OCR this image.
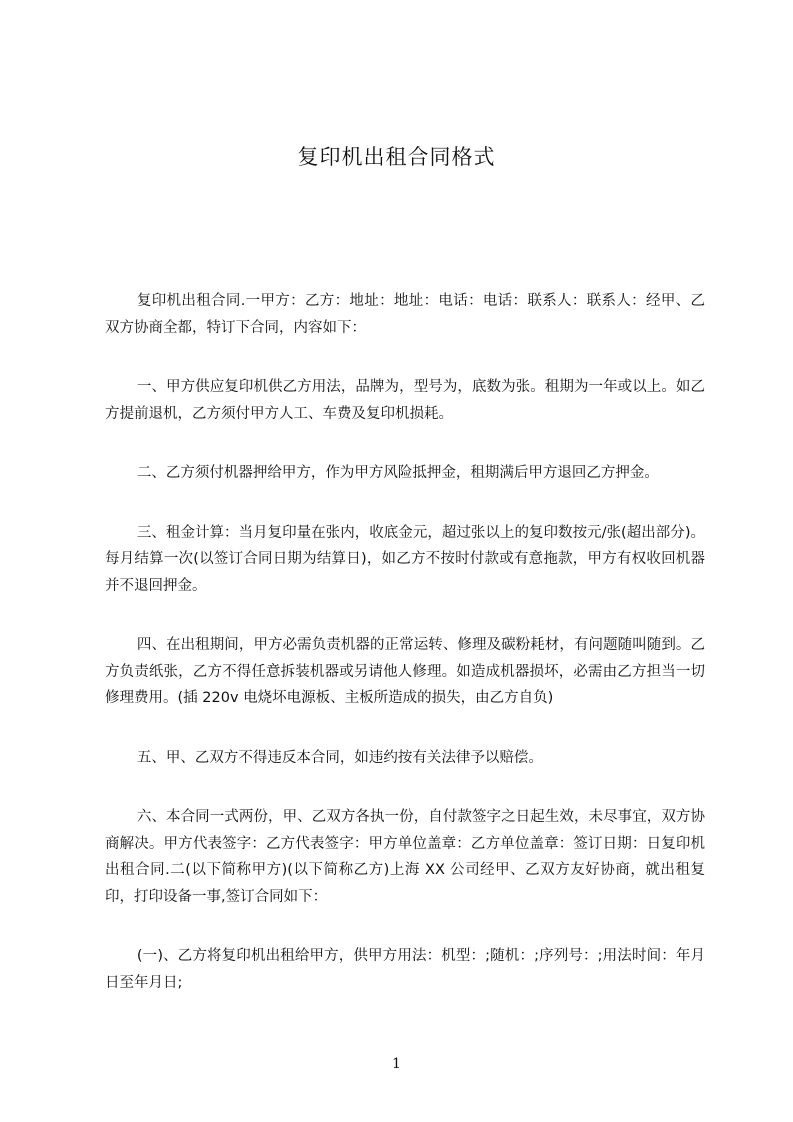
复印机出租合同格式

复印机出租合同.一甲方：乙方：地址：地址：电话：电话：联系人：联系人：经甲、乙双方协商全都，特订下合同，内容如下：

一、甲方供应复印机供乙方用法，品牌为，型号为，底数为张。租期为一年或以上。如乙方提前退机，乙方须付甲方人工、车费及复印机损耗。

二、乙方须付机器押给甲方，作为甲方风险抵押金，租期满后甲方退回乙方押金。

三、租金计算：当月复印量在张内，收底金元，超过张以上的复印数按元/张(超出部分)。每月结算一次(以签订合同日期为结算日)，如乙方不按时付款或有意拖款，甲方有权收回机器并不退回押金。

四、在出租期间，甲方必需负责机器的正常运转、修理及碳粉耗材，有问题随叫随到。乙方负责纸张，乙方不得任意拆装机器或另请他人修理。如造成机器损坏，必需由乙方担当一切修理费用。(插 220v 电烧坏电源板、主板所造成的损失，由乙方自负)

五、甲、乙双方不得违反本合同，如违约按有关法律予以赔偿。

六、本合同一式两份，甲、乙双方各执一份，自付款签字之日起生效，未尽事宜，双方协商解决。甲方代表签字：乙方代表签字：甲方单位盖章：乙方单位盖章：签订日期：日复印机出租合同.二(以下简称甲方)(以下简称乙方)上海 XX 公司经甲、乙双方友好协商，就出租复印，打印设备一事,签订合同如下：

(一)、乙方将复印机出租给甲方，供甲方用法：机型：;随机：;序列号：;用法时间：年月日至年月日;

1
